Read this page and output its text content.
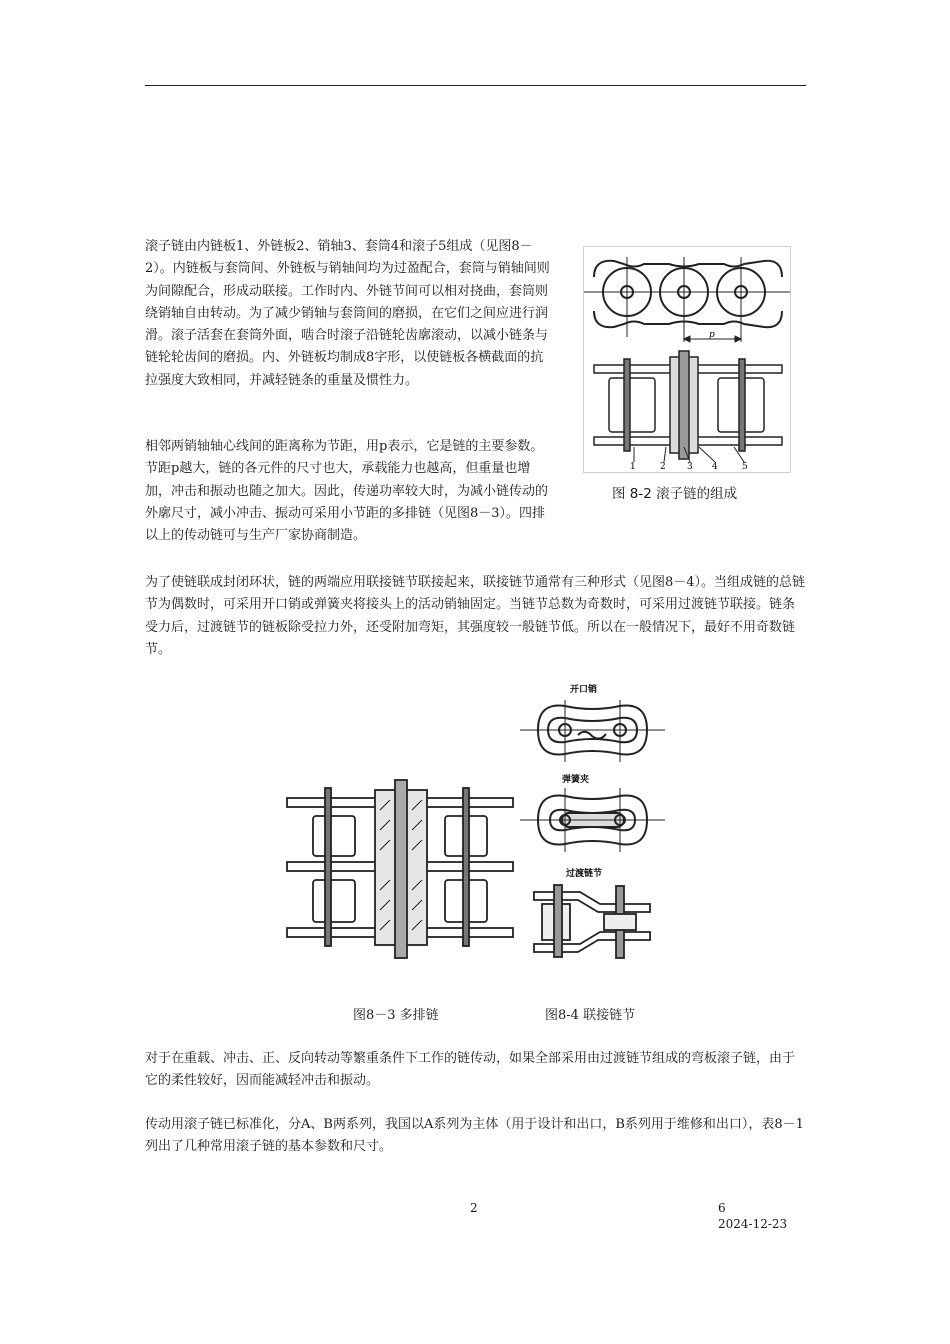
滚子链由内链板1、外链板2、销轴3、套筒4和滚子5组成（见图8－2）。内链板与套筒间、外链板与销轴间均为过盈配合，套筒与销轴间则为间隙配合，形成动联接。工作时内、外链节间可以相对挠曲，套筒则绕销轴自由转动。为了减少销轴与套筒间的磨损，在它们之间应进行润滑。滚子活套在套筒外面，啮合时滚子沿链轮齿廓滚动，以减小链条与链轮轮齿间的磨损。内、外链板均制成8字形，以使链板各横截面的抗拉强度大致相同，并减轻链条的重量及惯性力。

p
1	2 3 4	5
图 8-2 滚子链的组成

相邻两销轴轴心线间的距离称为节距，用p表示，它是链的主要参数。节距p越大，链的各元件的尺寸也大，承载能力也越高，但重量也增加，冲击和振动也随之加大。因此，传递功率较大时，为减小链传动的外廓尺寸，减小冲击、振动可采用小节距的多排链（见图8－3）。四排以上的传动链可与生产厂家协商制造。

为了使链联成封闭环状，链的两端应用联接链节联接起来，联接链节通常有三种形式（见图8－4）。当组成链的总链节为偶数时，可采用开口销或弹簧夹将接头上的活动销轴固定。当链节总数为奇数时，可采用过渡链节联接。链条受力后，过渡链节的链板除受拉力外，还受附加弯矩，其强度较一般链节低。所以在一般情况下，最好不用奇数链节。

开口销
弹簧夹
过渡链节
图8－3 多排链	图8-4 联接链节

对于在重载、冲击、正、反向转动等繁重条件下工作的链传动，如果全部采用由过渡链节组成的弯板滚子链，由于它的柔性较好，因而能减轻冲击和振动。

传动用滚子链已标准化，分A、B两系列，我国以A系列为主体（用于设计和出口，B系列用于维修和出口），表8－1列出了几种常用滚子链的基本参数和尺寸。

2	6
2024-12-23
